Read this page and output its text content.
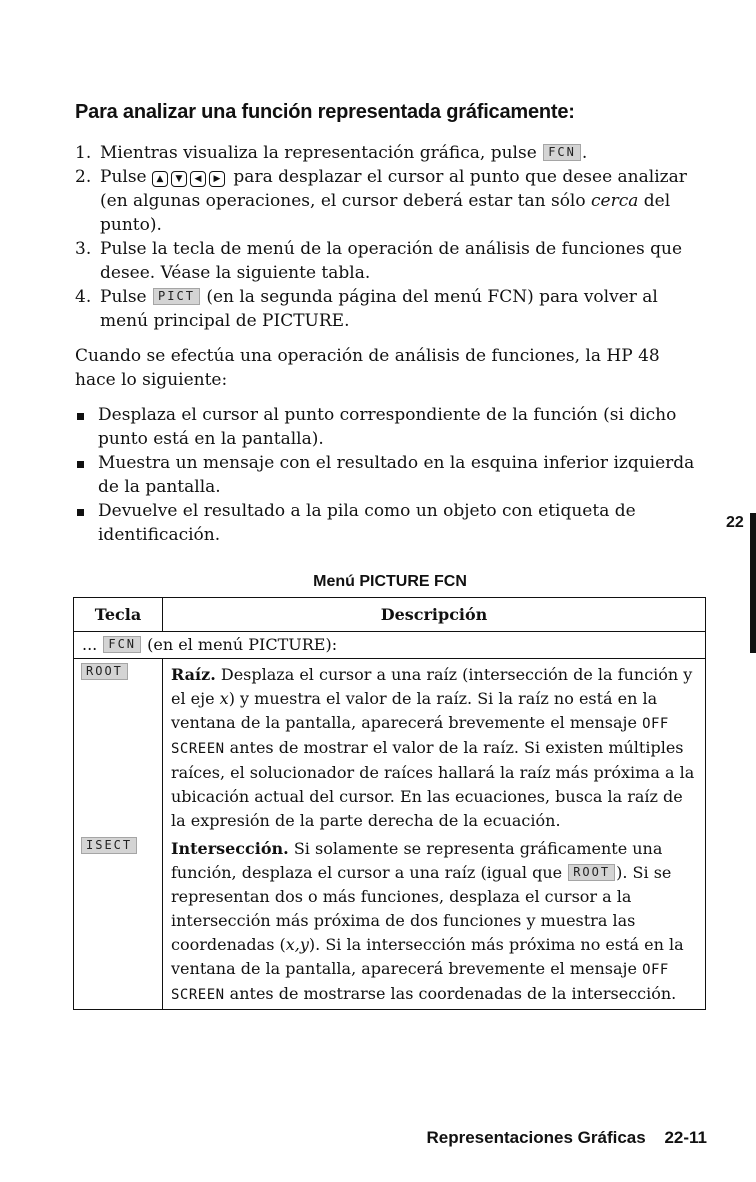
Para analizar una función representada gráficamente:
1. Mientras visualiza la representación gráfica, pulse FCN .
2. Pulse ▲ ▼ ◀ ▶ para desplazar el cursor al punto que desee analizar (en algunas operaciones, el cursor deberá estar tan sólo cerca del punto).
3. Pulse la tecla de menú de la operación de análisis de funciones que desee. Véase la siguiente tabla.
4. Pulse PICT (en la segunda página del menú FCN) para volver al menú principal de PICTURE.
Cuando se efectúa una operación de análisis de funciones, la HP 48 hace lo siguiente:
Desplaza el cursor al punto correspondiente de la función (si dicho punto está en la pantalla).
Muestra un mensaje con el resultado en la esquina inferior izquierda de la pantalla.
Devuelve el resultado a la pila como un objeto con etiqueta de identificación.
22
Menú PICTURE FCN
Tecla	Descripción
... FCN (en el menú PICTURE):	
ROOT	Raíz. Desplaza el cursor a una raíz (intersección de la función y el eje x) y muestra el valor de la raíz. Si la raíz no está en la ventana de la pantalla, aparecerá brevemente el mensaje OFF SCREEN antes de mostrar el valor de la raíz. Si existen múltiples raíces, el solucionador de raíces hallará la raíz más próxima a la ubicación actual del cursor. En las ecuaciones, busca la raíz de la expresión de la parte derecha de la ecuación.
ISECT	Intersección. Si solamente se representa gráficamente una función, desplaza el cursor a una raíz (igual que ROOT ). Si se representan dos o más funciones, desplaza el cursor a la intersección más próxima de dos funciones y muestra las coordenadas (x,y). Si la intersección más próxima no está en la ventana de la pantalla, aparecerá brevemente el mensaje OFF SCREEN antes de mostrarse las coordenadas de la intersección.
Representaciones Gráficas 22-11
